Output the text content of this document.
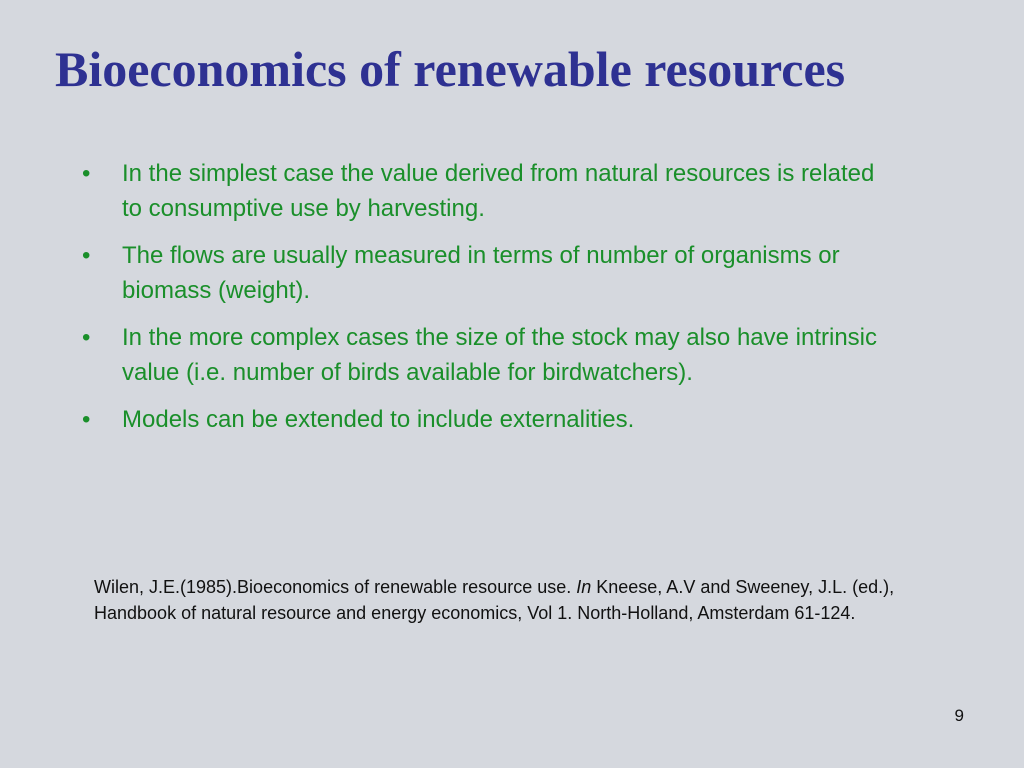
Bioeconomics of renewable resources
• In the simplest case the value derived from natural resources is related to consumptive use by harvesting.
• The flows are usually measured in terms of number of organisms or biomass (weight).
• In the more complex cases the size of the stock may also have intrinsic value (i.e. number of birds available for birdwatchers).
• Models can be extended to include externalities.

Wilen, J.E.(1985).Bioeconomics of renewable resource use. In Kneese, A.V and Sweeney, J.L. (ed.), Handbook of natural resource and energy economics, Vol 1. North-Holland, Amsterdam 61-124.

9
